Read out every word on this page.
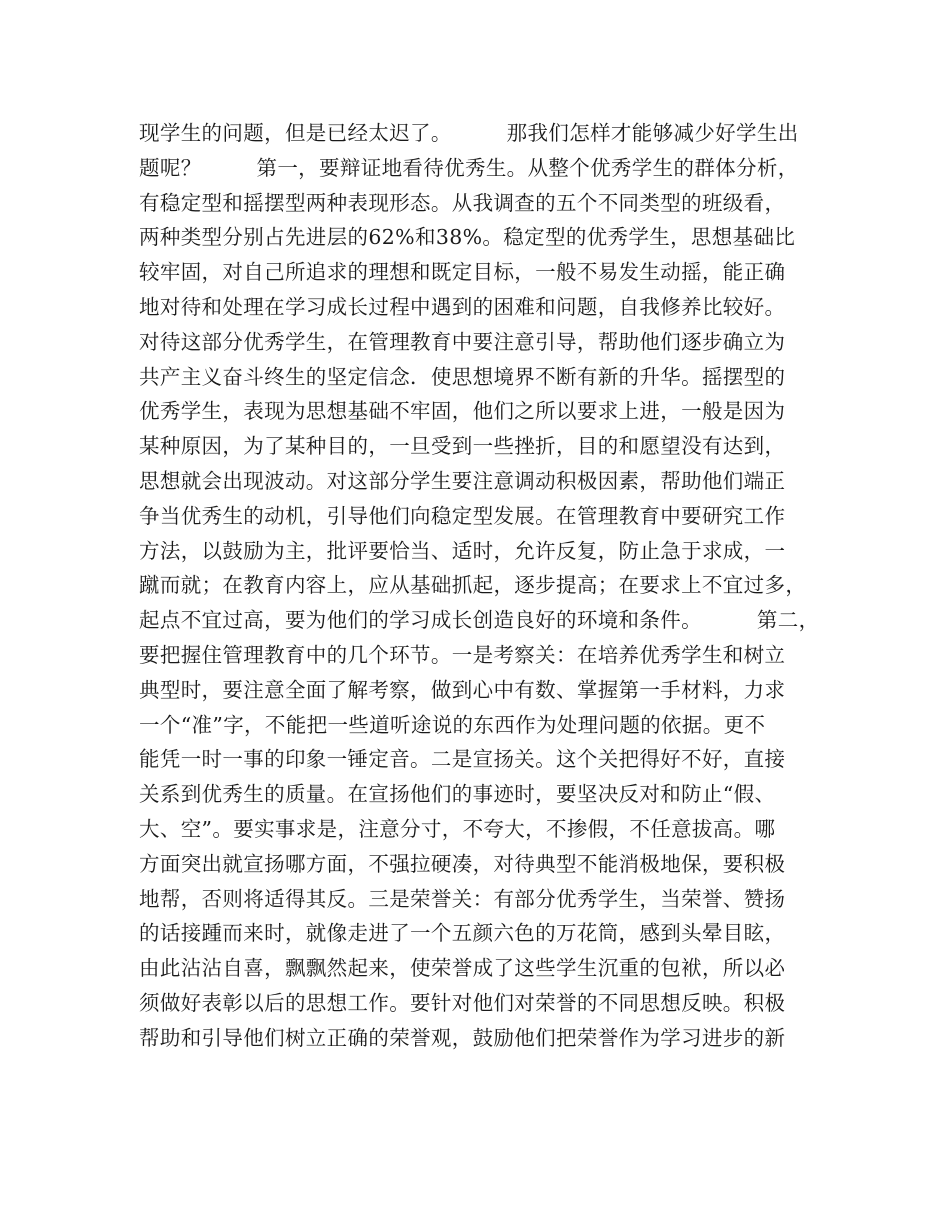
现学生的问题，但是已经太迟了。        那我们怎样才能够减少好学生出
题呢？        第一，要辩证地看待优秀生。从整个优秀学生的群体分析，
有稳定型和摇摆型两种表现形态。从我调查的五个不同类型的班级看，
两种类型分别占先进层的62%和38%。稳定型的优秀学生，思想基础比
较牢固，对自己所追求的理想和既定目标，一般不易发生动摇，能正确
地对待和处理在学习成长过程中遇到的困难和问题，自我修养比较好。
对待这部分优秀学生，在管理教育中要注意引导，帮助他们逐步确立为
共产主义奋斗终生的坚定信念．使思想境界不断有新的升华。摇摆型的
优秀学生，表现为思想基础不牢固，他们之所以要求上进，一般是因为
某种原因，为了某种目的，一旦受到一些挫折，目的和愿望没有达到，
思想就会出现波动。对这部分学生要注意调动积极因素，帮助他们端正
争当优秀生的动机，引导他们向稳定型发展。在管理教育中要研究工作
方法，以鼓励为主，批评要恰当、适时，允许反复，防止急于求成，一
蹴而就；在教育内容上，应从基础抓起，逐步提高；在要求上不宜过多，
起点不宜过高，要为他们的学习成长创造良好的环境和条件。        第二，
要把握住管理教育中的几个环节。一是考察关：在培养优秀学生和树立
典型时，要注意全面了解考察，做到心中有数、掌握第一手材料，力求
一个“准”字，不能把一些道听途说的东西作为处理问题的依据。更不
能凭一时一事的印象一锤定音。二是宣扬关。这个关把得好不好，直接
关系到优秀生的质量。在宣扬他们的事迹时，要坚决反对和防止“假、
大、空”。要实事求是，注意分寸，不夸大，不掺假，不任意拔高。哪
方面突出就宣扬哪方面，不强拉硬凑，对待典型不能消极地保，要积极
地帮，否则将适得其反。三是荣誉关：有部分优秀学生，当荣誉、赞扬
的话接踵而来时，就像走进了一个五颜六色的万花筒，感到头晕目眩，
由此沾沾自喜，飘飘然起来，使荣誉成了这些学生沉重的包袱，所以必
须做好表彰以后的思想工作。要针对他们对荣誉的不同思想反映。积极
帮助和引导他们树立正确的荣誉观，鼓励他们把荣誉作为学习进步的新
